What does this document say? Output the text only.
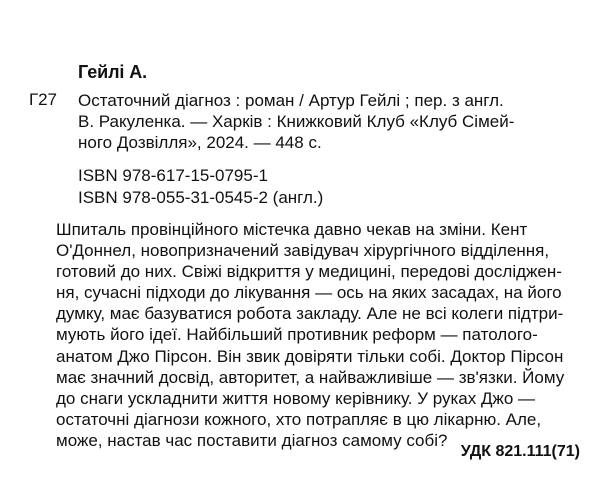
Гейлі А.
Г27 Остаточний діагноз : роман / Артур Гейлі ; пер. з англ.
В. Ракуленка. — Харків : Книжковий Клуб «Клуб Сімей-
ного Дозвілля», 2024. — 448 с.
ISBN 978-617-15-0795-1
ISBN 978-055-31-0545-2 (англ.)
Шпиталь провінційного містечка давно чекав на зміни. Кент
О'Доннел, новопризначений завідувач хірургічного відділення,
готовий до них. Свіжі відкриття у медицині, передові досліджен-
ня, сучасні підходи до лікування — ось на яких засадах, на його
думку, має базуватися робота закладу. Але не всі колеги підтри-
мують його ідеї. Найбільший противник реформ — патолого-
анатом Джо Пірсон. Він звик довіряти тільки собі. Доктор Пірсон
має значний досвід, авторитет, а найважливіше — зв'язки. Йому
до снаги ускладнити життя новому керівнику. У руках Джо —
остаточні діагнози кожного, хто потрапляє в цю лікарню. Але,
може, настав час поставити діагноз самому собі?
УДК 821.111(71)
